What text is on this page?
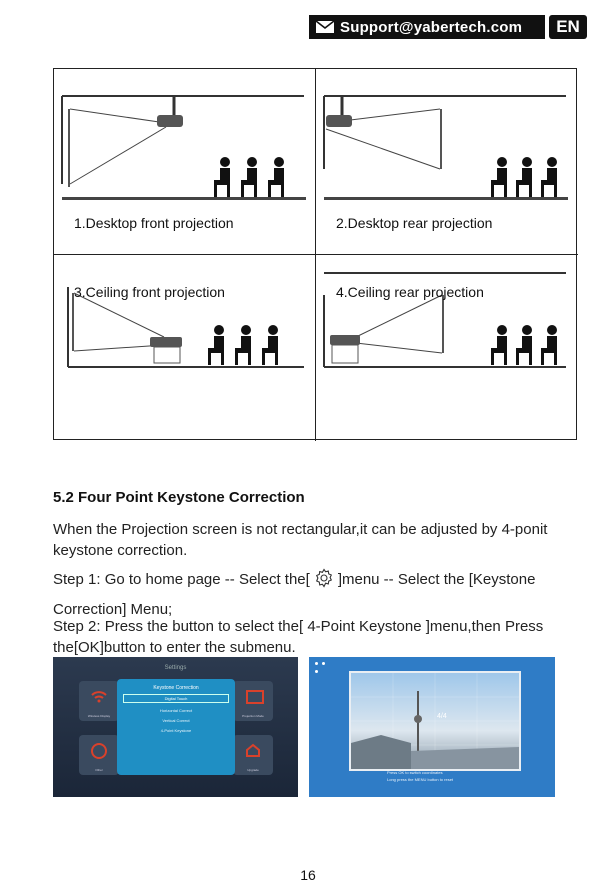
Support@yabertech.com	EN
1.Desktop front projection	2.Desktop rear projection
3.Ceiling front projection	4.Ceiling rear projection
5.2 Four Point Keystone Correction
When the Projection screen is not rectangular,it can be adjusted by 4-ponit keystone correction.
Step 1: Go to home page -- Select the[ ]menu -- Select the [Keystone Correction] Menu;
Step 2: Press the button to select the[ 4-Point Keystone ]menu,then Press the[OK]button to enter the submenu.
Settings
Wireless Display	Projection Mode
Other	Upgrade
Keystone Correction
Digital Touch
Horizontal Correct
Vertical Correct
4-Point Keystone
4/4
Press OK to switch coordinates
Long press the MENU button to reset
16
